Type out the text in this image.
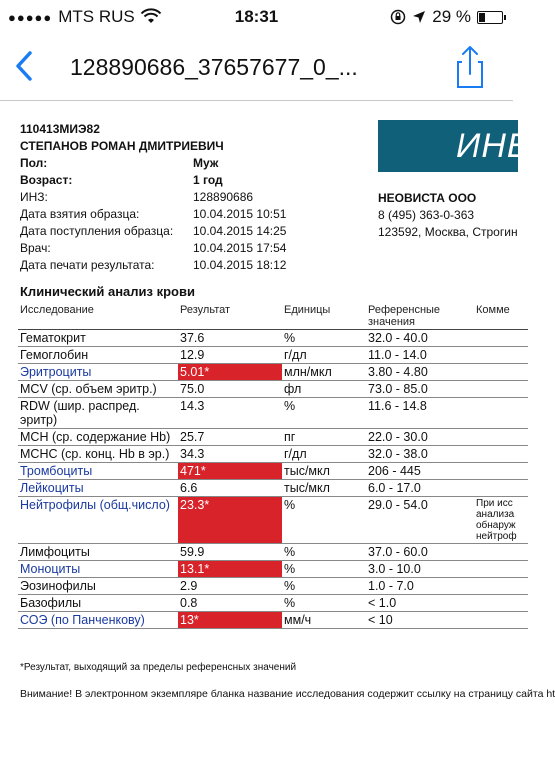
●●●●● MTS RUS	18:31	29 %
128890686_37657677_0_...
110413МИЭ82
СТЕПАНОВ РОМАН ДМИТРИЕВИЧ
Пол:	Муж
Возраст:	1 год
ИНЗ:	128890686
Дата взятия образца:	10.04.2015 10:51
Дата поступления образца: 10.04.2015 14:25
Врач:	10.04.2015 17:54
Дата печати результата:	10.04.2015 18:12
ИНЕ
НЕОВИСТА ООО
8 (495) 363-0-363
123592, Москва, Строгин
Клинический анализ крови
Исследование	Результат	Единицы	Референсные значения	Комме
Гематокрит	37.6	%	32.0 - 40.0	
Гемоглобин	12.9	г/дл	11.0 - 14.0	
Эритроциты	5.01*	млн/мкл	3.80 - 4.80	
MCV (ср. объем эритр.)	75.0	фл	73.0 - 85.0	
RDW (шир. распред. эритр)	14.3	%	11.6 - 14.8	
MCH (ср. содержание Hb)	25.7	пг	22.0 - 30.0	
MCHC (ср. конц. Hb в эр.)	34.3	г/дл	32.0 - 38.0	
Тромбоциты	471*	тыс/мкл	206 - 445	
Лейкоциты	6.6	тыс/мкл	6.0 - 17.0	
Нейтрофилы (общ.число)	23.3*	%	29.0 - 54.0	При исс анализа обнаруж нейтроф
Лимфоциты	59.9	%	37.0 - 60.0	
Моноциты	13.1*	%	3.0 - 10.0	
Эозинофилы	2.9	%	1.0 - 7.0	
Базофилы	0.8	%	< 1.0	
СОЭ (по Панченкову)	13*	мм/ч	< 10	
*Результат, выходящий за пределы референсных значений
Внимание! В электронном экземпляре бланка название исследования содержит ссылку на страницу сайта ht
